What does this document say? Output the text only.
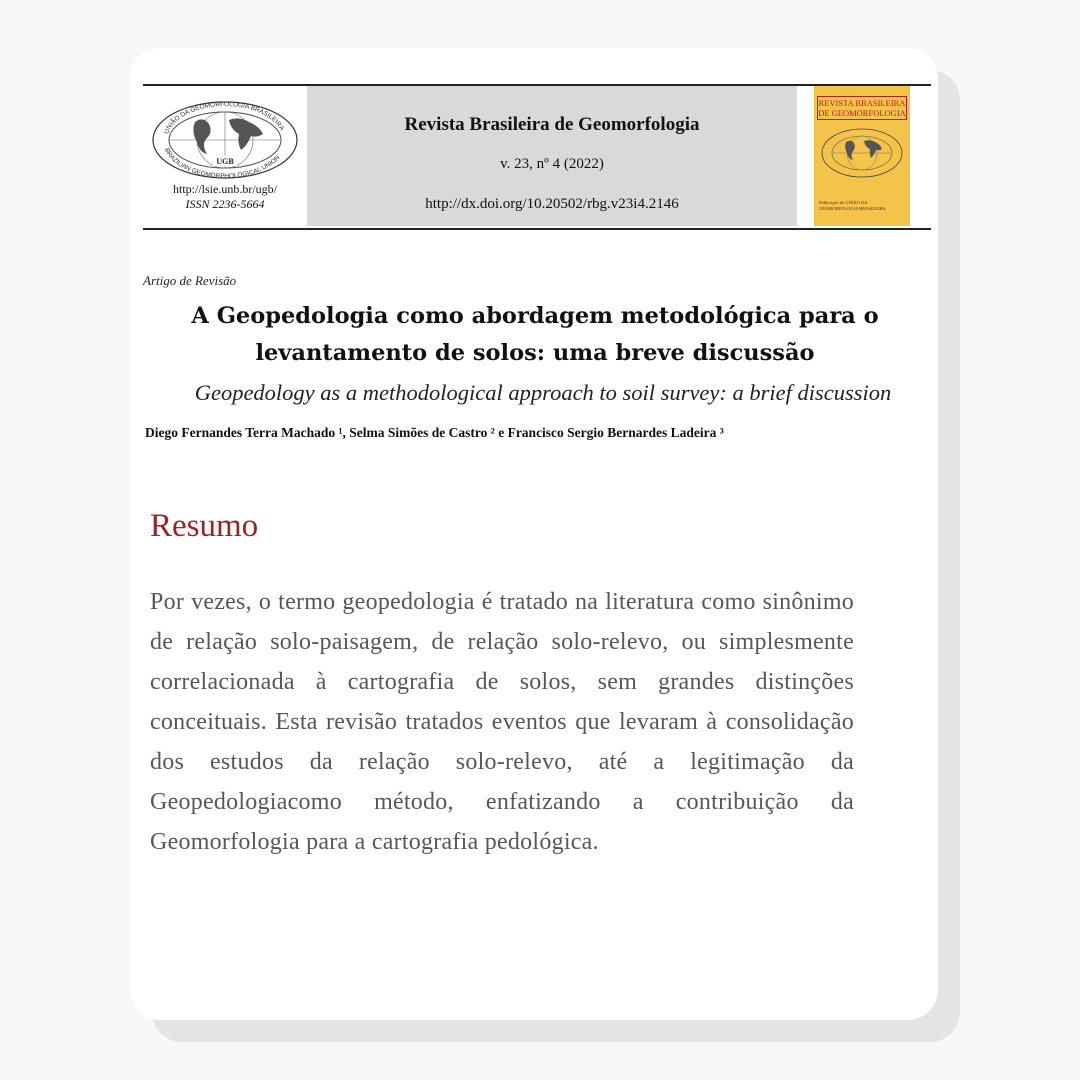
UNIÃO DA GEOMORFOLOGIA BRASILEIRA
BRAZILIAN GEOMORPHOLOGICAL UNION
UGB
http://lsie.unb.br/ugb/
ISSN 2236-5664
Revista Brasileira de Geomorfologia
v. 23, nº 4 (2022)
http://dx.doi.org/10.20502/rbg.v23i4.2146
REVISTA BRASILEIRA DE GEOMORFOLOGIA
Publicação da UNIÃO DA GEOMORFOLOGIA BRASILEIRA
Artigo de Revisão
A Geopedologia como abordagem metodológica para o levantamento de solos: uma breve discussão
Geopedology as a methodological approach to soil survey: a brief discussion
Diego Fernandes Terra Machado ¹, Selma Simões de Castro ² e Francisco Sergio Bernardes Ladeira ³
Resumo
Por vezes, o termo geopedologia é tratado na literatura como sinônimo de relação solo-paisagem, de relação solo-relevo, ou simplesmente correlacionada à cartografia de solos, sem grandes distinções conceituais. Esta revisão tratados eventos que levaram à consolidação dos estudos da relação solo-relevo, até a legitimação da Geopedologiacomo método, enfatizando a contribuição da Geomorfologia para a cartografia pedológica.
